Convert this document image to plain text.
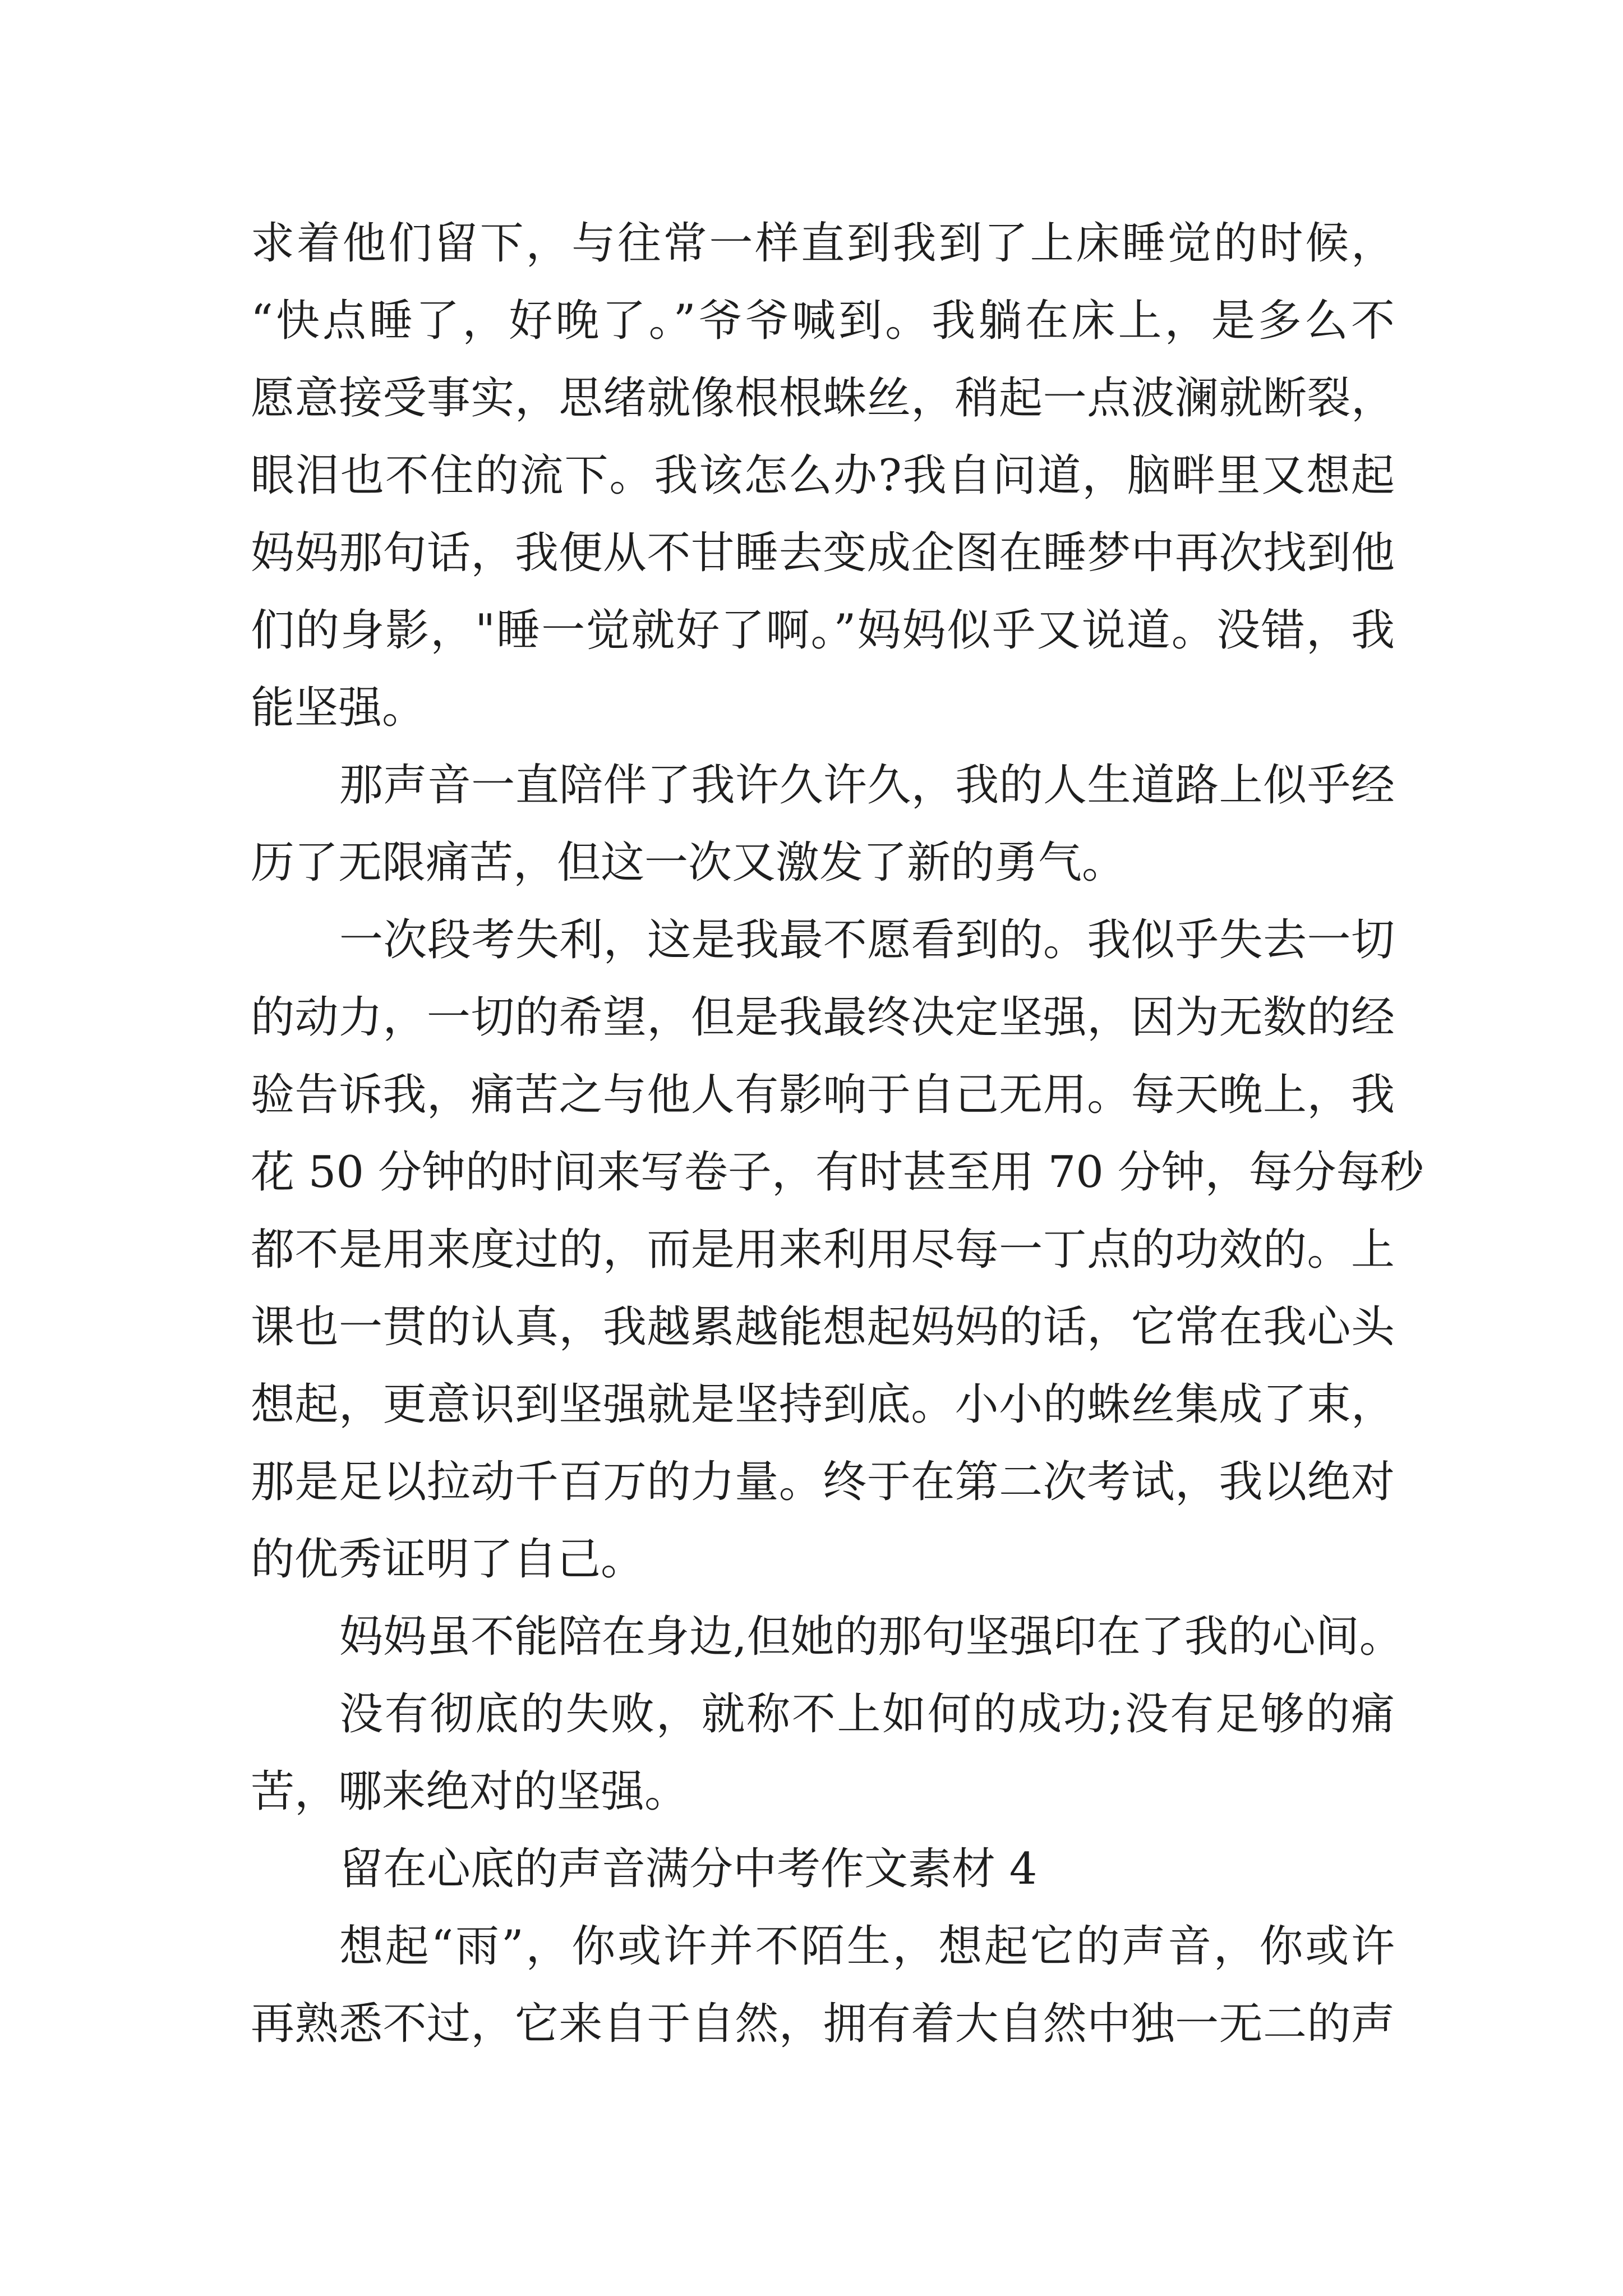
求着他们留下，与往常一样直到我到了上床睡觉的时候，
“快点睡了，好晚了。”爷爷喊到。我躺在床上，是多么不
愿意接受事实，思绪就像根根蛛丝，稍起一点波澜就断裂，
眼泪也不住的流下。我该怎么办?我自问道，脑畔里又想起
妈妈那句话，我便从不甘睡去变成企图在睡梦中再次找到他
们的身影，"睡一觉就好了啊。”妈妈似乎又说道。没错，我
能坚强。
那声音一直陪伴了我许久许久，我的人生道路上似乎经
历了无限痛苦，但这一次又激发了新的勇气。
一次段考失利，这是我最不愿看到的。我似乎失去一切
的动力，一切的希望，但是我最终决定坚强，因为无数的经
验告诉我，痛苦之与他人有影响于自己无用。每天晚上，我
花 50 分钟的时间来写卷子，有时甚至用 70 分钟，每分每秒
都不是用来度过的，而是用来利用尽每一丁点的功效的。上
课也一贯的认真，我越累越能想起妈妈的话，它常在我心头
想起，更意识到坚强就是坚持到底。小小的蛛丝集成了束，
那是足以拉动千百万的力量。终于在第二次考试，我以绝对
的优秀证明了自己。
妈妈虽不能陪在身边,但她的那句坚强印在了我的心间。
没有彻底的失败，就称不上如何的成功;没有足够的痛
苦，哪来绝对的坚强。
留在心底的声音满分中考作文素材 4
想起“雨”，你或许并不陌生，想起它的声音，你或许
再熟悉不过，它来自于自然，拥有着大自然中独一无二的声
